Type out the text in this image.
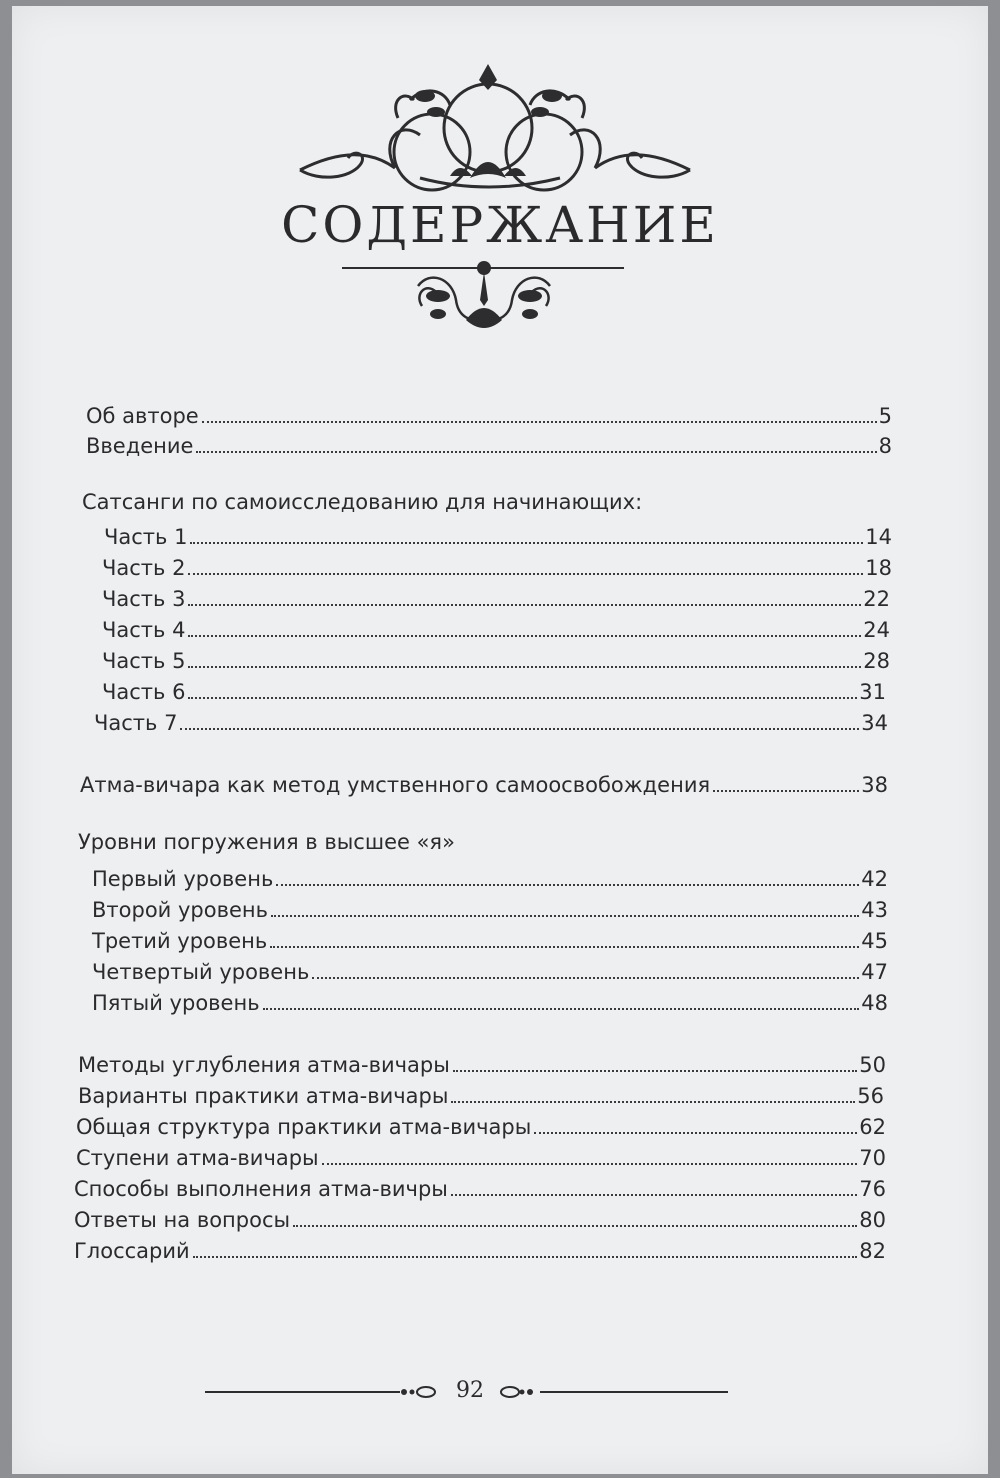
СОДЕРЖАНИЕ
Об авторе	5
Введение	8
Сатсанги по самоисследованию для начинающих:
Часть 1	14
Часть 2	18
Часть 3	22
Часть 4	24
Часть 5	28
Часть 6	31
Часть 7	34
Атма-вичара как метод умственного самоосвобождения	38
Уровни погружения в высшее «я»
Первый уровень	42
Второй уровень	43
Третий уровень	45
Четвертый уровень	47
Пятый уровень	48
Методы углубления атма-вичары	50
Варианты практики атма-вичары	56
Общая структура практики атма-вичары	62
Ступени атма-вичары	70
Способы выполнения атма-вичры	76
Ответы на вопросы	80
Глоссарий	82
92
